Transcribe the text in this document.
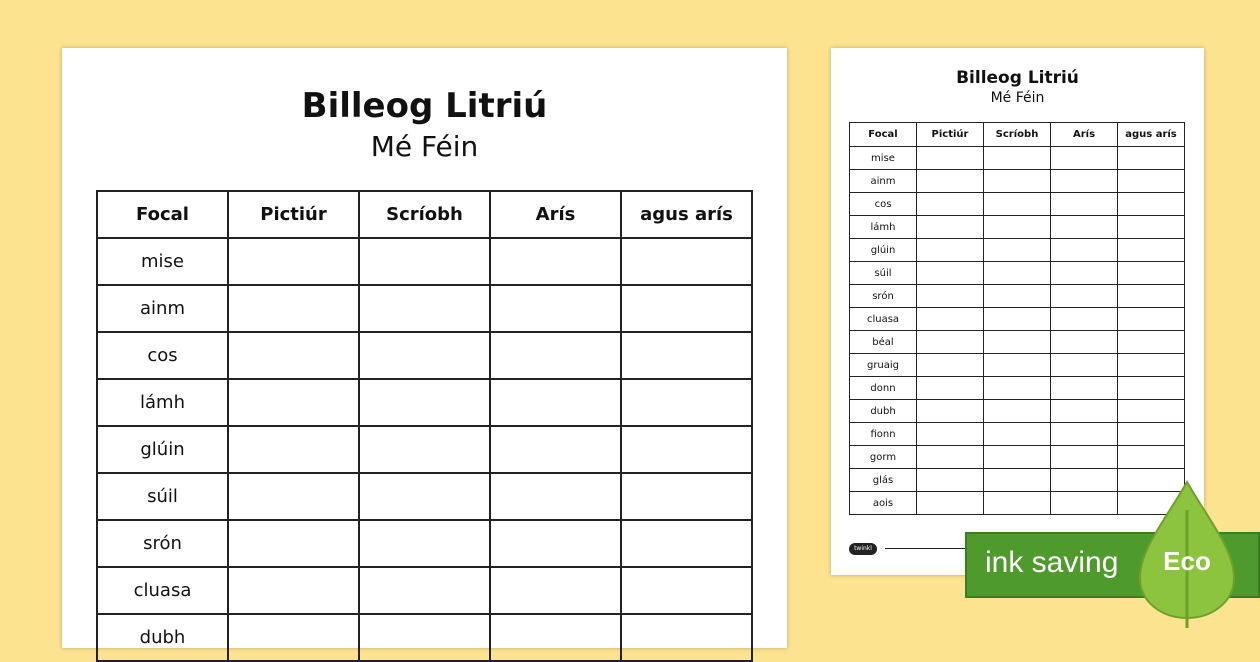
Billeog Litriú
Mé Féin
Focal	Pictiúr	Scríobh	Arís	agus arís
mise				
ainm				
cos				
lámh				
glúin				
súil				
srón				
cluasa				
dubh				
Billeog Litriú
Mé Féin
Focal	Pictiúr	Scríobh	Arís	agus arís
mise				
ainm				
cos				
lámh				
glúin				
súil				
srón				
cluasa				
béal				
gruaig				
donn				
dubh				
fionn				
gorm				
glás				
aois				
twinkl	ink saving	Eco
